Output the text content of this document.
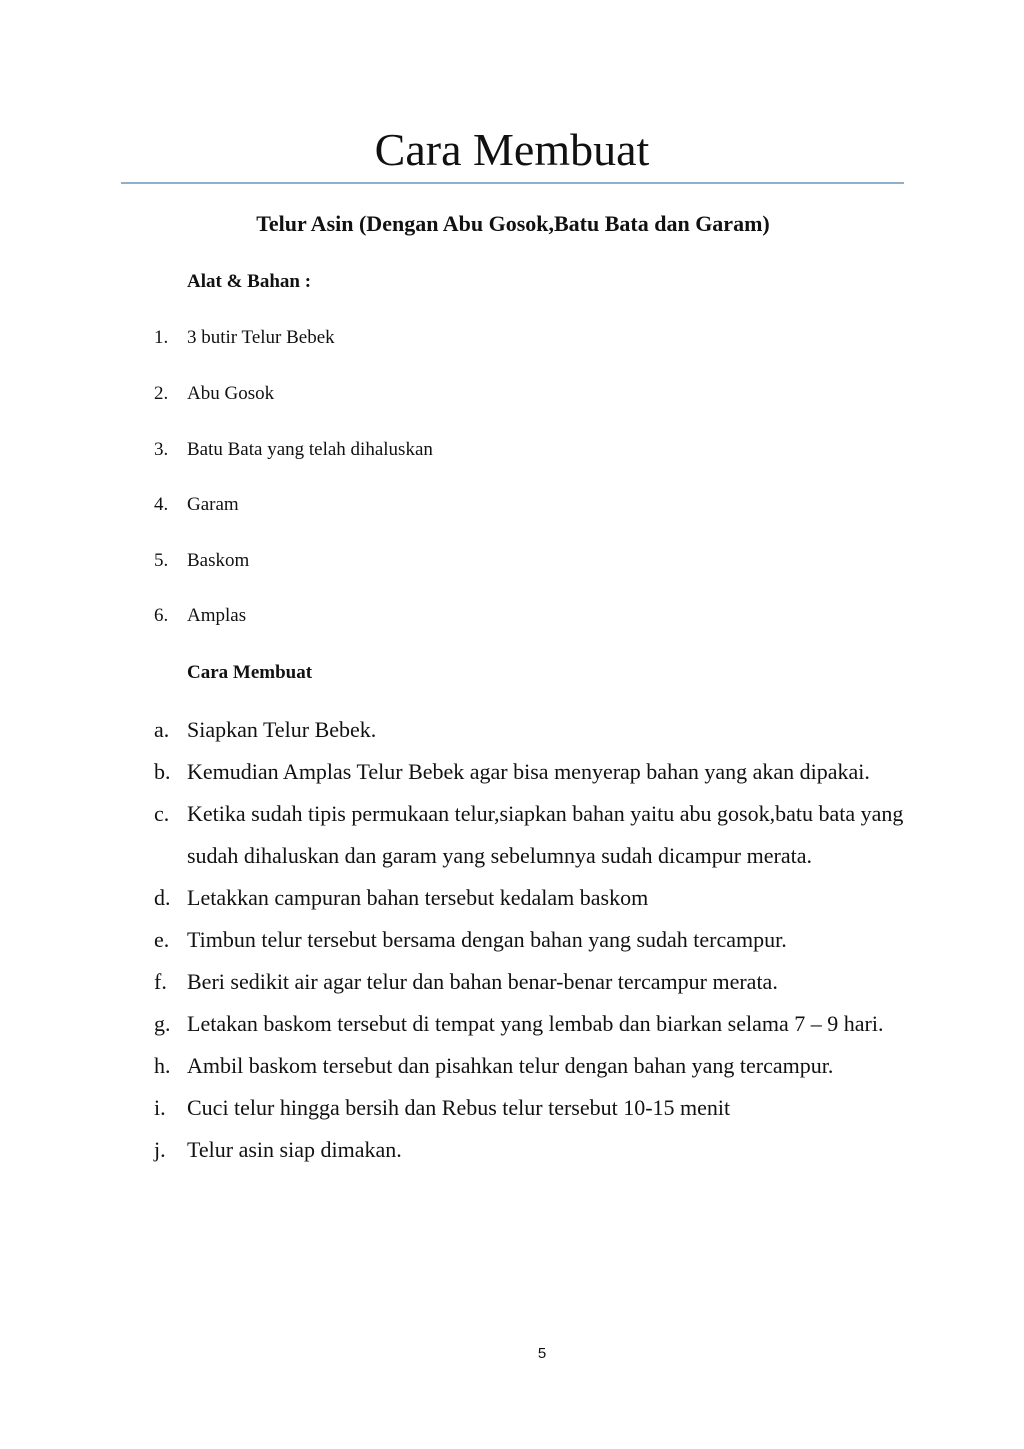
Cara Membuat
Telur Asin (Dengan Abu Gosok,Batu Bata dan Garam)
Alat & Bahan :
1. 3 butir Telur Bebek
2. Abu Gosok
3. Batu Bata yang telah dihaluskan
4. Garam
5. Baskom
6. Amplas
Cara Membuat
a. Siapkan Telur Bebek.
b. Kemudian Amplas Telur Bebek agar bisa menyerap bahan yang akan dipakai.
c. Ketika sudah tipis permukaan telur,siapkan bahan yaitu abu gosok,batu bata yang sudah dihaluskan dan garam yang sebelumnya sudah dicampur merata.
d. Letakkan campuran bahan tersebut kedalam baskom
e. Timbun telur tersebut bersama dengan bahan yang sudah tercampur.
f. Beri sedikit air agar telur dan bahan benar-benar tercampur merata.
g. Letakan baskom tersebut di tempat yang lembab dan biarkan selama 7 – 9 hari.
h. Ambil baskom tersebut dan pisahkan telur dengan bahan yang tercampur.
i. Cuci telur hingga bersih dan Rebus telur tersebut 10-15 menit
j. Telur asin siap dimakan.
5
